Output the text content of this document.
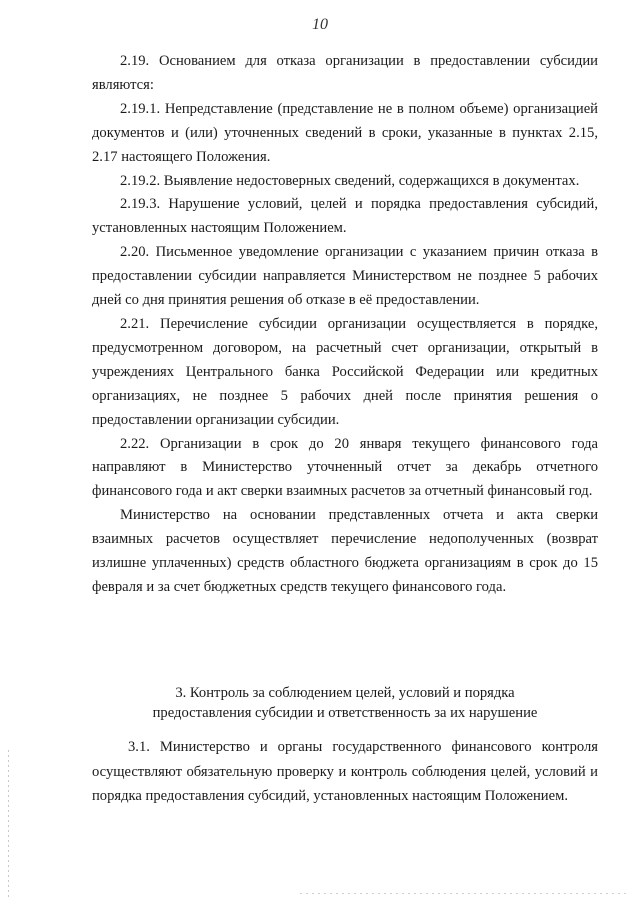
10

2.19. Основанием для отказа организации в предоставлении субсидии являются:

2.19.1. Непредставление (представление не в полном объеме) организацией документов и (или) уточненных сведений в сроки, указанные в пунктах 2.15, 2.17 настоящего Положения.

2.19.2. Выявление недостоверных сведений, содержащихся в документах.

2.19.3. Нарушение условий, целей и порядка предоставления субсидий, установленных настоящим Положением.

2.20. Письменное уведомление организации с указанием причин отказа в предоставлении субсидии направляется Министерством не позднее 5 рабочих дней со дня принятия решения об отказе в её предоставлении.

2.21. Перечисление субсидии организации осуществляется в порядке, предусмотренном договором, на расчетный счет организации, открытый в учреждениях Центрального банка Российской Федерации или кредитных организациях, не позднее 5 рабочих дней после принятия решения о предоставлении организации субсидии.

2.22. Организации в срок до 20 января текущего финансового года направляют в Министерство уточненный отчет за декабрь отчетного финансового года и акт сверки взаимных расчетов за отчетный финансовый год.

Министерство на основании представленных отчета и акта сверки взаимных расчетов осуществляет перечисление недополученных (возврат излишне уплаченных) средств областного бюджета организациям в срок до 15 февраля и за счет бюджетных средств текущего финансового года.

3. Контроль за соблюдением целей, условий и порядка
предоставления субсидии и ответственность за их нарушение

3.1. Министерство и органы государственного финансового контроля осуществляют обязательную проверку и контроль соблюдения целей, условий и порядка предоставления субсидий, установленных настоящим Положением.
